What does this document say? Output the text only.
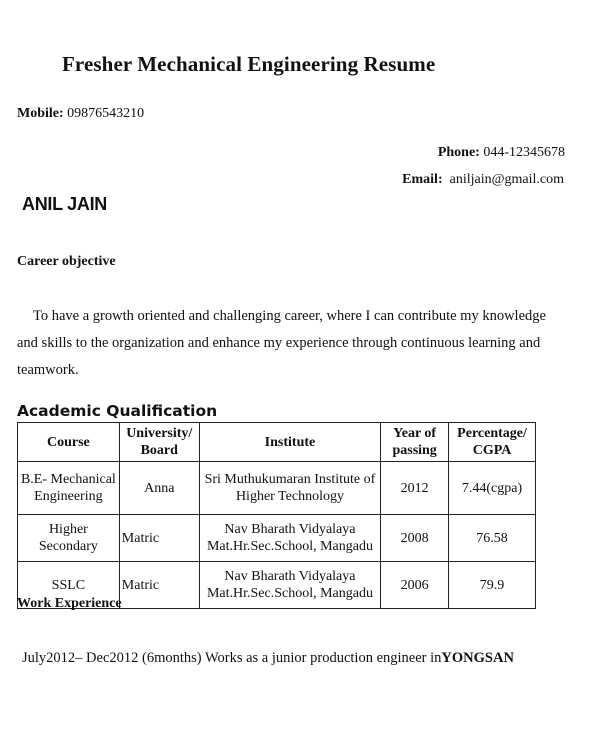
Fresher Mechanical Engineering Resume
Mobile: 09876543210
Phone: 044-12345678
Email: aniljain@gmail.com
ANIL JAIN
Career objective
To have a growth oriented and challenging career, where I can contribute my knowledge and skills to the organization and enhance my experience through continuous learning and teamwork.
Academic Qualification
Course	University/ Board	Institute	Year of passing	Percentage/ CGPA
B.E- Mechanical Engineering	Anna	Sri Muthukumaran Institute of Higher Technology	2012	7.44(cgpa)
Higher Secondary	Matric	Nav Bharath Vidyalaya Mat.Hr.Sec.School, Mangadu	2008	76.58
SSLC	Matric	Nav Bharath Vidyalaya Mat.Hr.Sec.School, Mangadu	2006	79.9
Work Experience
July2012– Dec2012 (6months) Works as a junior production engineer inYONGSAN
